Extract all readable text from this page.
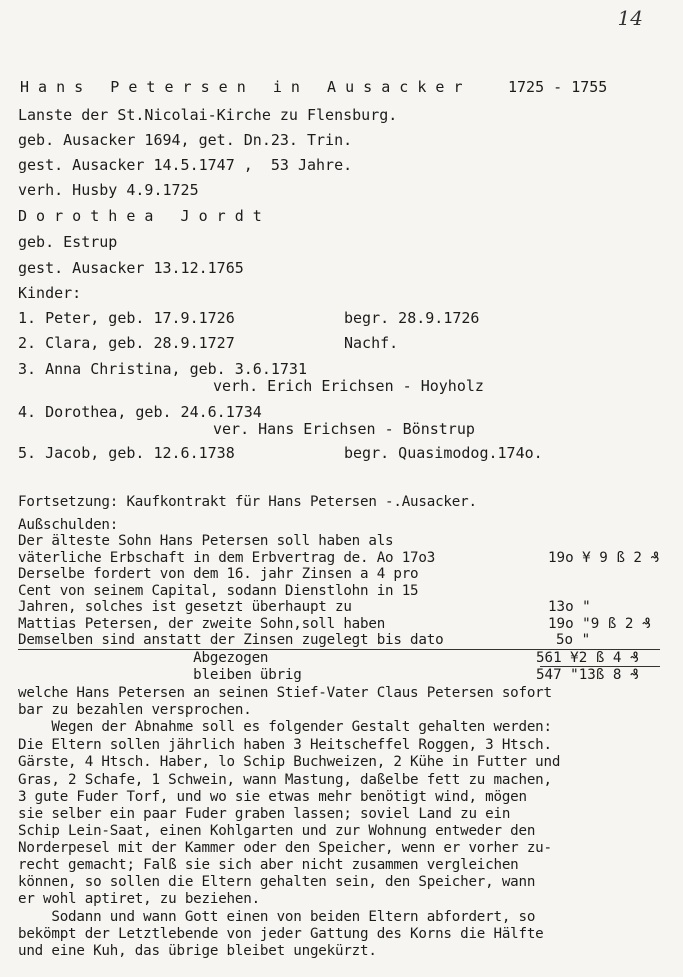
14
H a n s   P e t e r s e n   i n   A u s a c k e r	1725 - 1755
Lanste der St.Nicolai-Kirche zu Flensburg.
geb. Ausacker 1694, get. Dn.23. Trin.
gest. Ausacker 14.5.1747 ,  53 Jahre.
verh. Husby 4.9.1725
D o r o t h e a   J o r d t
geb. Estrup
gest. Ausacker 13.12.1765
Kinder:
1. Peter, geb. 17.9.1726	begr. 28.9.1726
2. Clara, geb. 28.9.1727	Nachf.
3. Anna Christina, geb. 3.6.1731
verh. Erich Erichsen - Hoyholz
4. Dorothea, geb. 24.6.1734
ver. Hans Erichsen - Bönstrup
5. Jacob, geb. 12.6.1738	begr. Quasimodog.174o.
Fortsetzung: Kaufkontrakt für Hans Petersen -.Ausacker.
Außschulden:
Der älteste Sohn Hans Petersen soll haben als
väterliche Erbschaft in dem Erbvertrag de. Ao 17o3	19o ¥ 9 ß 2 ₰
Derselbe fordert von dem 16. jahr Zinsen a 4 pro
Cent von seinem Capital, sodann Dienstlohn in 15
Jahren, solches ist gesetzt überhaupt zu	13o "
Mattias Petersen, der zweite Sohn,soll haben	19o "9 ß 2 ₰
Demselben sind anstatt der Zinsen zugelegt bis dato	5o "
Abgezogen	561 ¥2 ß 4 ₰
bleiben übrig	547 "13ß 8 ₰
welche Hans Petersen an seinen Stief-Vater Claus Petersen sofort
bar zu bezahlen versprochen.
Wegen der Abnahme soll es folgender Gestalt gehalten werden:
Die Eltern sollen jährlich haben 3 Heitscheffel Roggen, 3 Htsch.
Gärste, 4 Htsch. Haber, lo Schip Buchweizen, 2 Kühe in Futter und
Gras, 2 Schafe, 1 Schwein, wann Mastung, daßelbe fett zu machen,
3 gute Fuder Torf, und wo sie etwas mehr benötigt wind, mögen
sie selber ein paar Fuder graben lassen; soviel Land zu ein
Schip Lein-Saat, einen Kohlgarten und zur Wohnung entweder den
Norderpesel mit der Kammer oder den Speicher, wenn er vorher zu-
recht gemacht; Falß sie sich aber nicht zusammen vergleichen
können, so sollen die Eltern gehalten sein, den Speicher, wann
er wohl aptiret, zu beziehen.
Sodann und wann Gott einen von beiden Eltern abfordert, so
bekömpt der Letztlebende von jeder Gattung des Korns die Hälfte
und eine Kuh, das übrige bleibet ungekürzt.
